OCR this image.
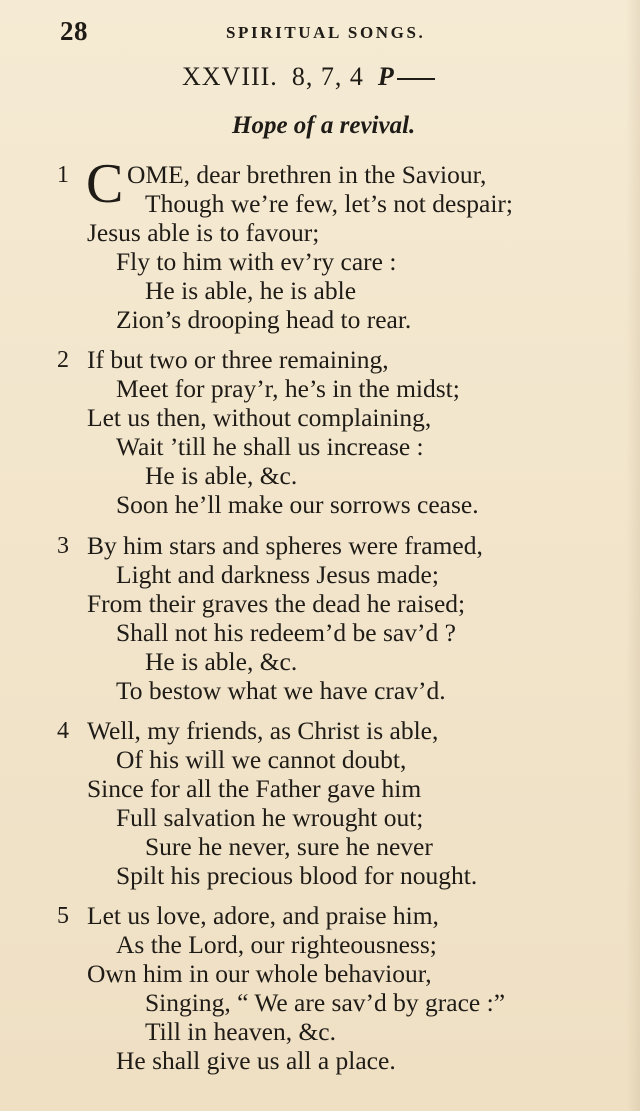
28	SPIRITUAL SONGS.
XXVIII. 8, 7, 4 P
Hope of a revival.
1 C OME, dear brethren in the Saviour,
Though we’re few, let’s not despair;
Jesus able is to favour;
Fly to him with ev’ry care :
He is able, he is able
Zion’s drooping head to rear.
2 If but two or three remaining,
Meet for pray’r, he’s in the midst;
Let us then, without complaining,
Wait ’till he shall us increase :
He is able, &c.
Soon he’ll make our sorrows cease.
3 By him stars and spheres were framed,
Light and darkness Jesus made;
From their graves the dead he raised;
Shall not his redeem’d be sav’d ?
He is able, &c.
To bestow what we have crav’d.
4 Well, my friends, as Christ is able,
Of his will we cannot doubt,
Since for all the Father gave him
Full salvation he wrought out;
Sure he never, sure he never
Spilt his precious blood for nought.
5 Let us love, adore, and praise him,
As the Lord, our righteousness;
Own him in our whole behaviour,
Singing, “ We are sav’d by grace :”
Till in heaven, &c.
He shall give us all a place.
